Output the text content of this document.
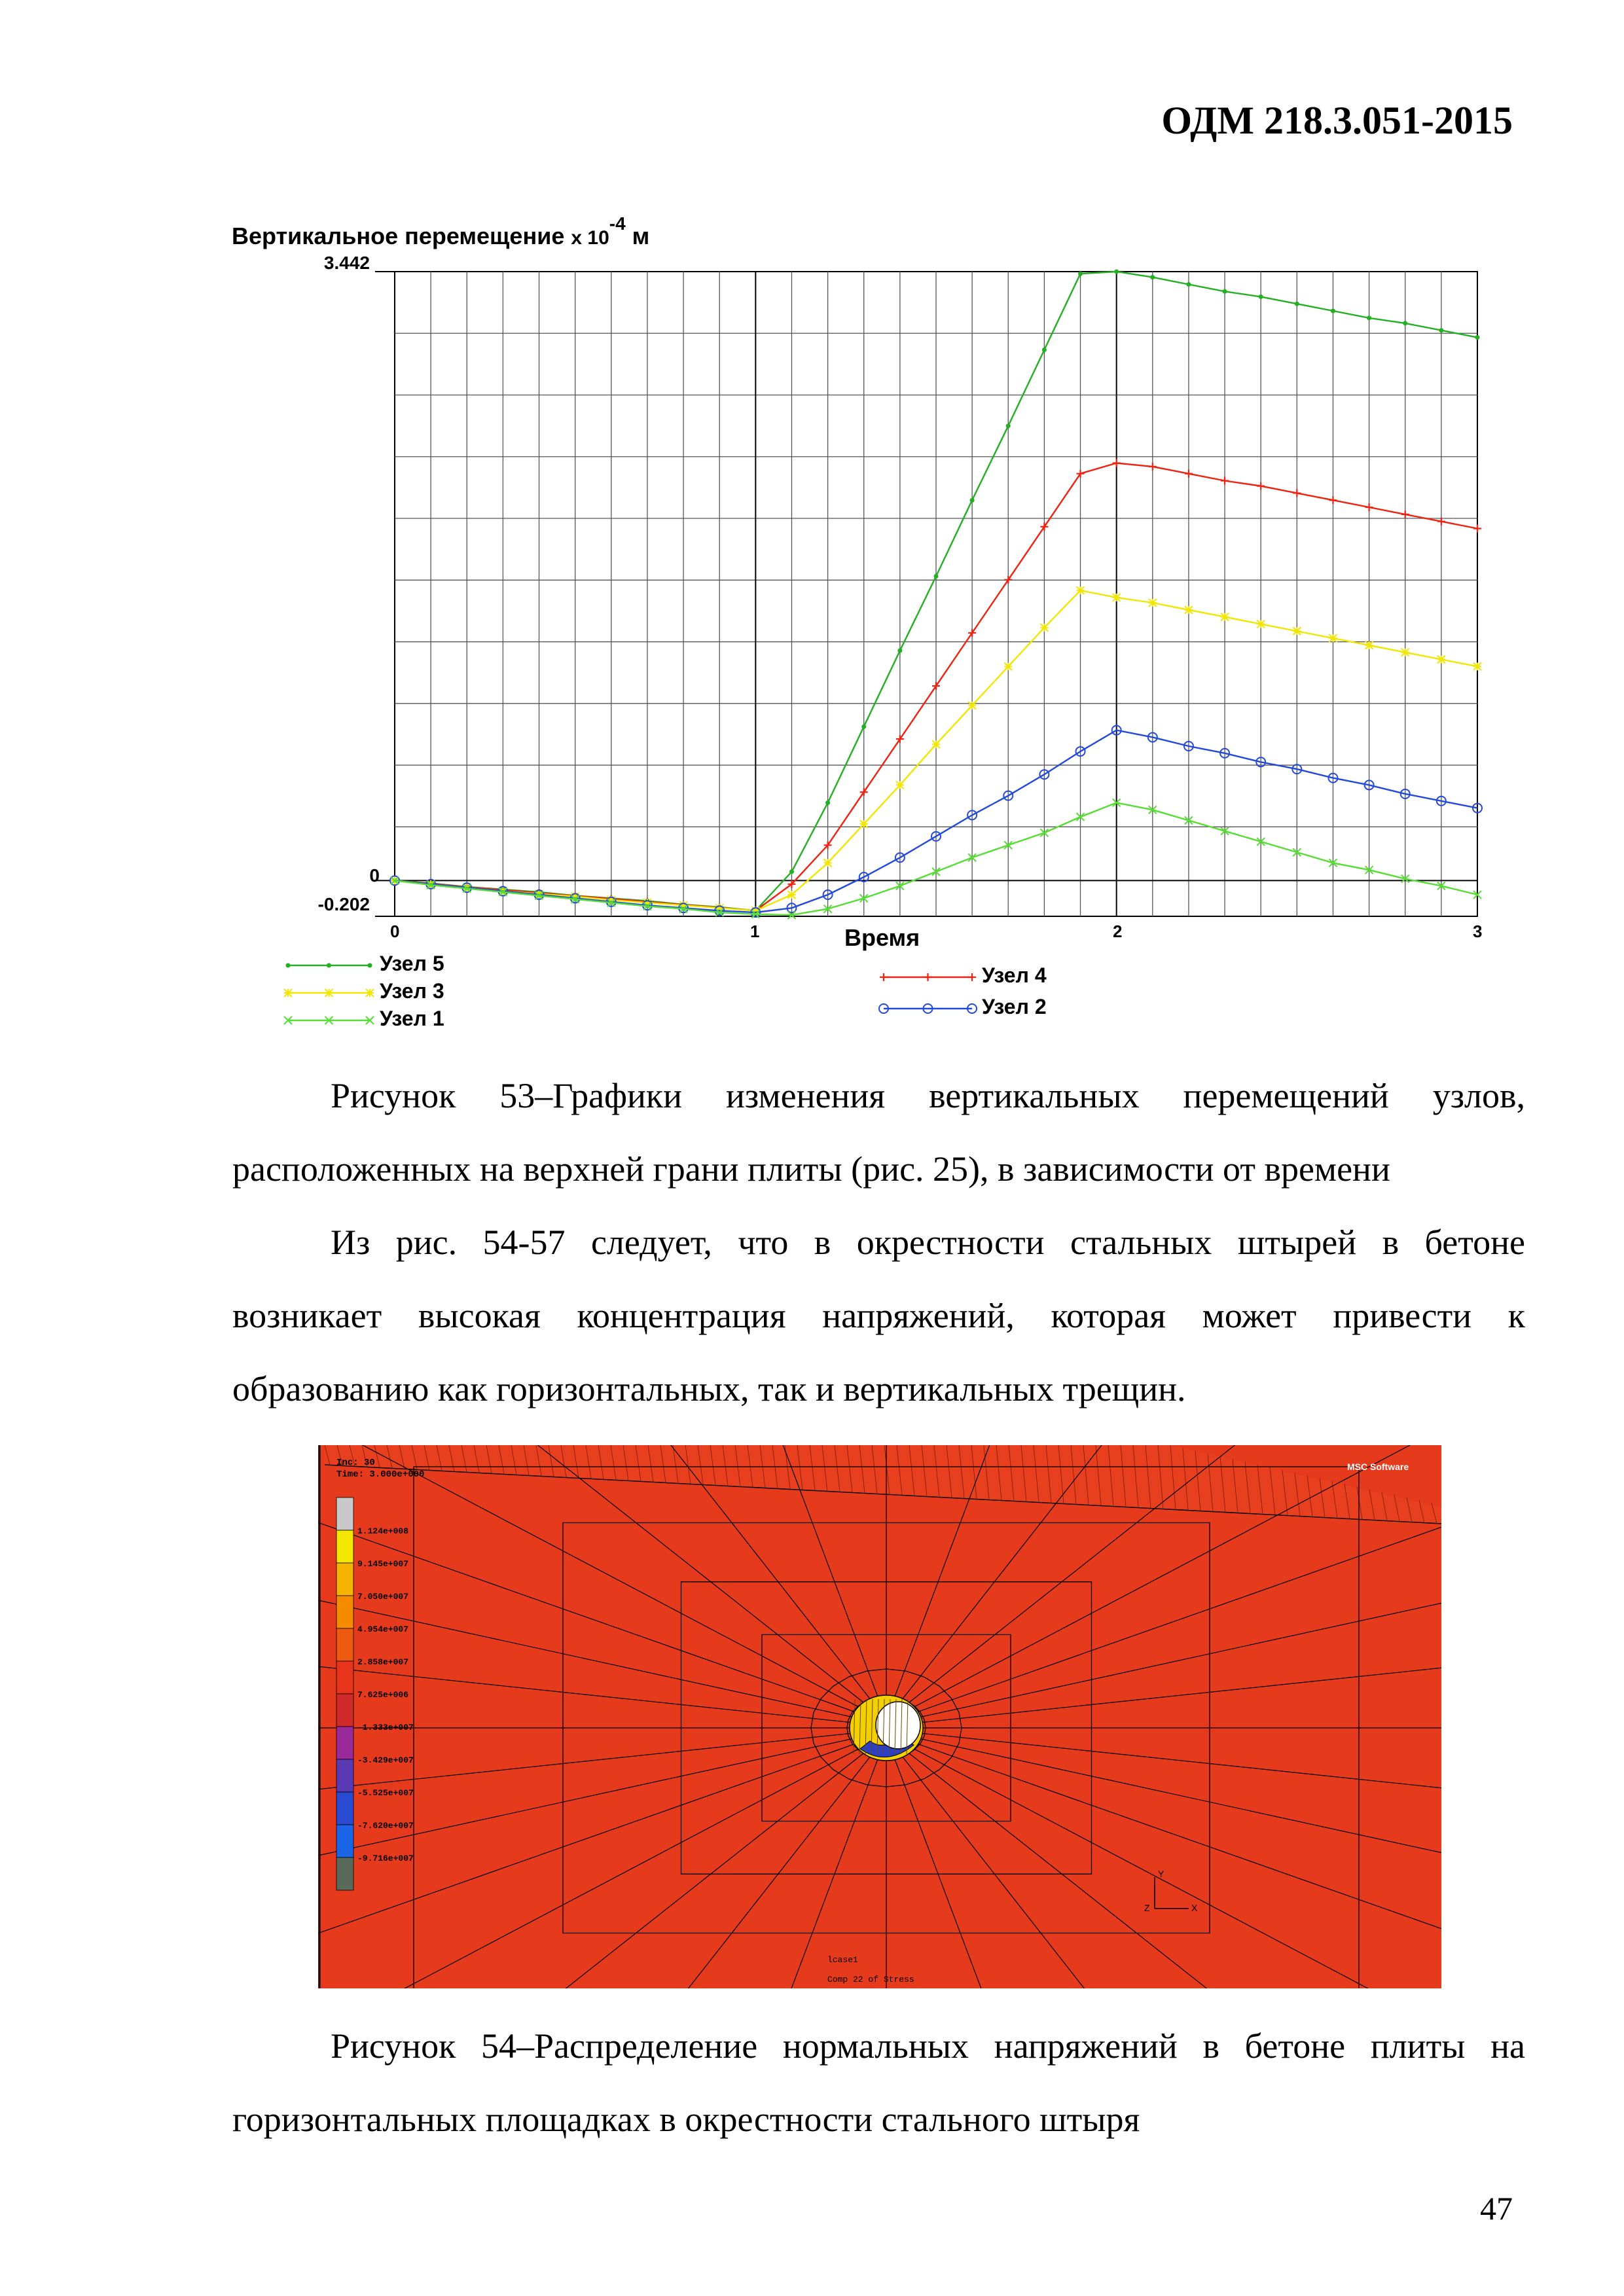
ОДМ 218.3.051-2015
Вертикальное перемещение x $10^{-4}$ м
3.442
0
-0.202
0	1	2	3
Время
Узел 5
Узел 3
Узел 1
Узел 4
Узел 2

Рисунок 53–Графики изменения вертикальных перемещений узлов, расположенных на верхней грани плиты (рис. 25), в зависимости от времени

Из рис. 54-57 следует, что в окрестности стальных штырей в бетоне

возникает высокая концентрация напряжений, которая может привести к

образованию как горизонтальных, так и вертикальных трещин.

Inc: 30
Time: 3.000e+000
MSC Software
1.124e+008
9.145e+007
7.050e+007
4.954e+007
2.858e+007
7.625e+006
-1.333e+007
-3.429e+007
-5.525e+007
-7.620e+007
-9.716e+007
Y
Z	X
lcase1
Comp 22 of Stress

Рисунок 54–Распределение нормальных напряжений в бетоне плиты на

горизонтальных площадках в окрестности стального штыря

47
